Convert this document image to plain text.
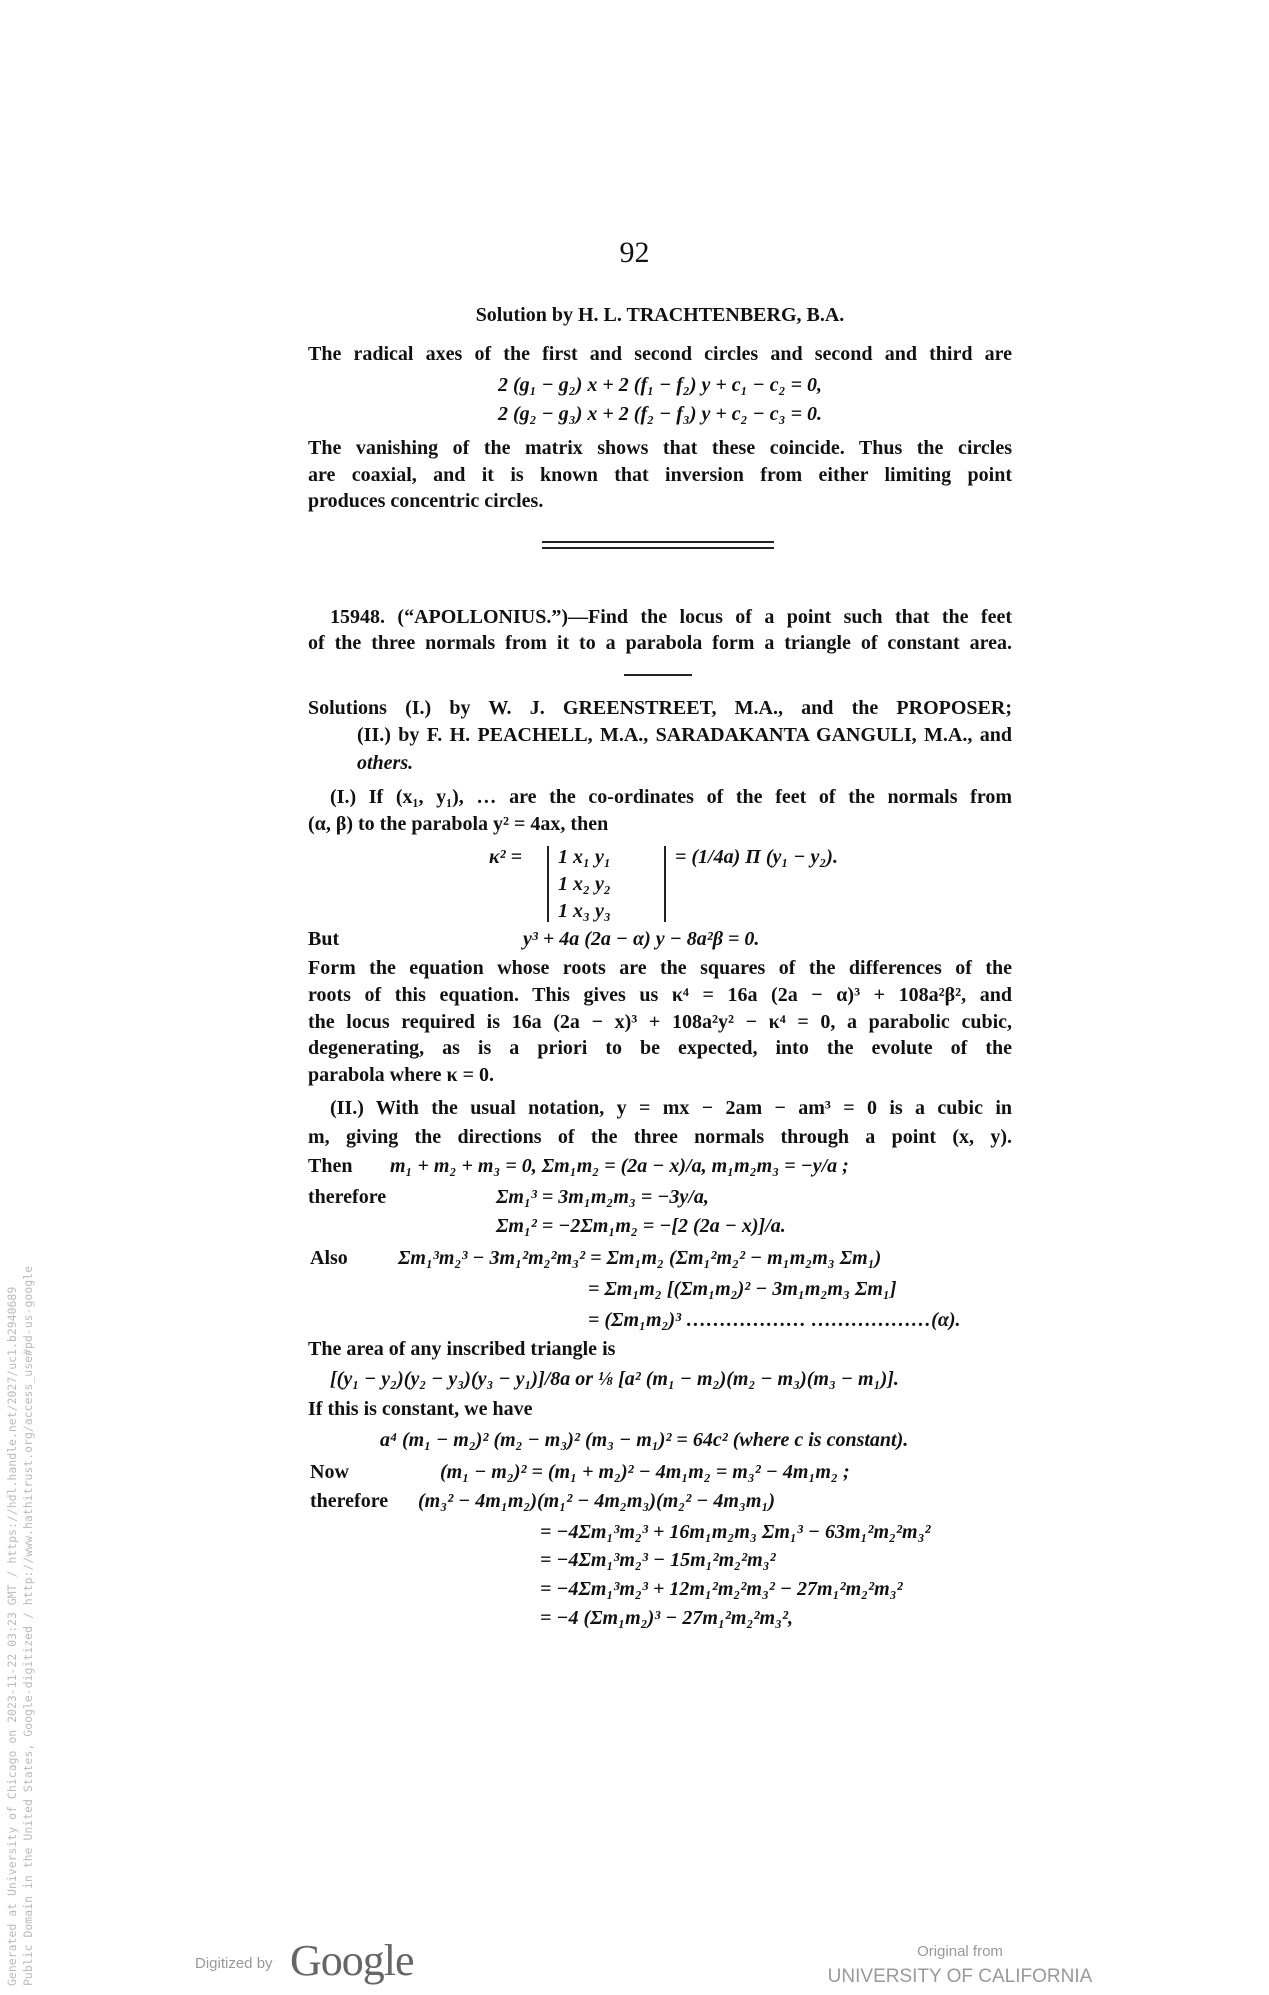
92
Solution by H. L. TRACHTENBERG, B.A.
The radical axes of the first and second circles and second and third are
2 (g₁ − g₂) x + 2 (f₁ − f₂) y + c₁ − c₂ = 0,
2 (g₂ − g₃) x + 2 (f₂ − f₃) y + c₂ − c₃ = 0.
The vanishing of the matrix shows that these coincide. Thus the circles
are coaxial, and it is known that inversion from either limiting point
produces concentric circles.
15948. (“APOLLONIUS.”)—Find the locus of a point such that the feet
of the three normals from it to a parabola form a triangle of constant area.
Solutions (I.) by W. J. GREENSTREET, M.A., and the PROPOSER;
(II.) by F. H. PEACHELL, M.A., SARADAKANTA GANGULI, M.A., and
others.
(I.) If (x₁, y₁), … are the co-ordinates of the feet of the normals from
(α, β) to the parabola y² = 4ax, then
κ² = 1 x₁ y₁
1 x₂ y₂
1 x₃ y₃
= (1/4a) Π (y₁ − y₂).
But	y³ + 4a (2a − α) y − 8a²β = 0.
Form the equation whose roots are the squares of the differences of the
roots of this equation. This gives us κ⁴ = 16a (2a − α)³ + 108a²β², and
the locus required is 16a (2a − x)³ + 108a²y² − κ⁴ = 0, a parabolic cubic,
degenerating, as is a priori to be expected, into the evolute of the
parabola where κ = 0.
(II.) With the usual notation, y = mx − 2am − am³ = 0 is a cubic in
m, giving the directions of the three normals through a point (x, y).
Then m₁ + m₂ + m₃ = 0, Σm₁m₂ = (2a − x)/a, m₁m₂m₃ = −y/a ;
therefore	Σm₁³ = 3m₁m₂m₃ = −3y/a,
Σm₁² = −2Σm₁m₂ = −[2 (2a − x)]/a.
Also	Σm₁³m₂³ − 3m₁²m₂²m₃² = Σm₁m₂ (Σm₁²m₂² − m₁m₂m₃ Σm₁)
= Σm₁m₂ [(Σm₁m₂)² − 3m₁m₂m₃ Σm₁]
= (Σm₁m₂)³ ……………… ………………(α).
The area of any inscribed triangle is
[(y₁ − y₂)(y₂ − y₃)(y₃ − y₁)]/8a or ⅛ [a² (m₁ − m₂)(m₂ − m₃)(m₃ − m₁)].
If this is constant, we have
a⁴ (m₁ − m₂)² (m₂ − m₃)² (m₃ − m₁)² = 64c² (where c is constant).
Now	(m₁ − m₂)² = (m₁ + m₂)² − 4m₁m₂ = m₃² − 4m₁m₂ ;
therefore (m₃² − 4m₁m₂)(m₁² − 4m₂m₃)(m₂² − 4m₃m₁)
= −4Σm₁³m₂³ + 16m₁m₂m₃ Σm₁³ − 63m₁²m₂²m₃²
= −4Σm₁³m₂³ − 15m₁²m₂²m₃²
= −4Σm₁³m₂³ + 12m₁²m₂²m₃² − 27m₁²m₂²m₃²
= −4 (Σm₁m₂)³ − 27m₁²m₂²m₃²,
Generated at University of Chicago on 2023-11-22 03:23 GMT / https://hdl.handle.net/2027/uc1.b2940689 Public Domain in the United States, Google-digitized / http://www.hathitrust.org/access_use#pd-us-google	Digitized by Google	Original from
UNIVERSITY OF CALIFORNIA
